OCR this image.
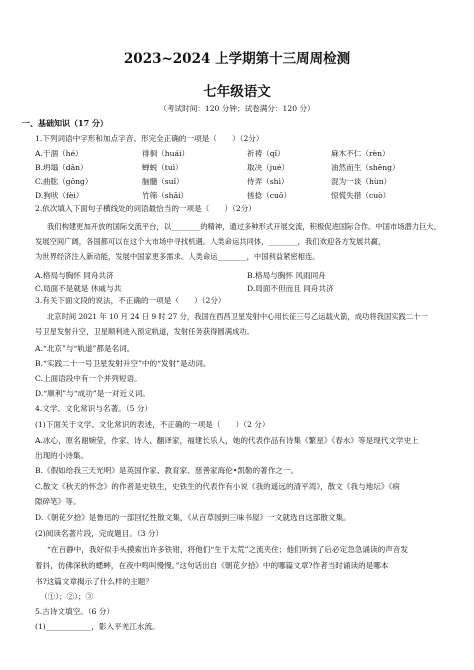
2023~2024 上学期第十三周周检测
七年级语文
（考试时间：120 分钟；试卷满分：120 分）
一、基础知识（17 分）
1.下列词语中字形和加点字音、形完全正确的一项是（　　）（2分）
A.干涸（hé）	徘徊（huái）	祈祷（qǐ）	麻木不仁（rèn）
B.坍塌（dān）	蝉蜕（tuì）	取决（jué）	油然而生（shēng）
C.曲肱（gōng）	脑髓（suǐ）	侍弄（shì）	混为一谈（hùn）
D.狗吠（fèi）	竹筛（shāi）	搓捻（cuō）	惊慌失措（cuò）
2.依次填入下面句子横线处的词语最恰当的一项是（　　）（2分）
我们构建更加开放的国际交流平台，以________的精神，通过多种形式开展交流，积极促进国际合作。中国市场潜力巨大，
发展空间广阔，各国都可以在这个大市场中寻找机遇。人类命运共同体，________，我们欢迎各方发展共赢，
为世界经济注入新动能，发展中国家更多需求。人类命运________，中国利益紧密相连。
A.格局与胸怀 同舟共济	B.格局与胸怀 风雨同舟
C.局面不是就是 休戚与共	D.局面不但而且 同舟共济
3.有关下面文段的说法，不正确的一项是（　　）（2分）
北京时间 2021 年 10 月 24 日 9 时 27 分，我国在西昌卫星发射中心用长征三号乙运载火箭，成功将我国实践二十一
号卫星发射升空，卫星顺利进入预定轨道，发射任务获得圆满成功。
A.“北京”与“轨道”都是名词。
B.“实践二十一号卫星发射升空”中的“发射”是动词。
C.上面语段中有一个并列短语。
D.“顺利”与“成功”是一对近义词。
4.文学、文化常识与名著。（5 分）
(1)下面关于文学、文化常识的表述，不正确的一项是（　　）（2 分）
A.冰心，原名谢婉莹，作家、诗人、翻译家，福建长乐人，她的代表作品有诗集《繁星》《春水》等是现代文学史上
出现的小诗集。
B.《假如给我三天光明》是英国作家、教育家、慈善家海伦•凯勒的著作之一。
C.散文《秋天的怀念》的作者是史铁生，史铁生的代表作有小说《我的遥远的清平湾》，散文《我与地坛》《病
隙碎笔》等。
D.《朝花夕拾》是鲁迅的一部回忆性散文集，《从百草园到三味书屋》一文就选自这部散文集。
(2)阅读名著片段，完成题目。（3 分）
“在百静中，我好似手头摸索出许多铁钳，将他们“生于太荒”之流夹住；他们听到了后必定急急诵读的声音发
着抖，仿佛深秋的蟋蟀，在夜中鸣叫慢慢。”这句话出自《朝花夕拾》中的哪篇文章?作者当时诵读的是哪本
书?这篇文章揭示了什么样的主题？
（①）；②）；③
5.古诗文填空。（6 分）
(1)____________，影入平羌江水流。
